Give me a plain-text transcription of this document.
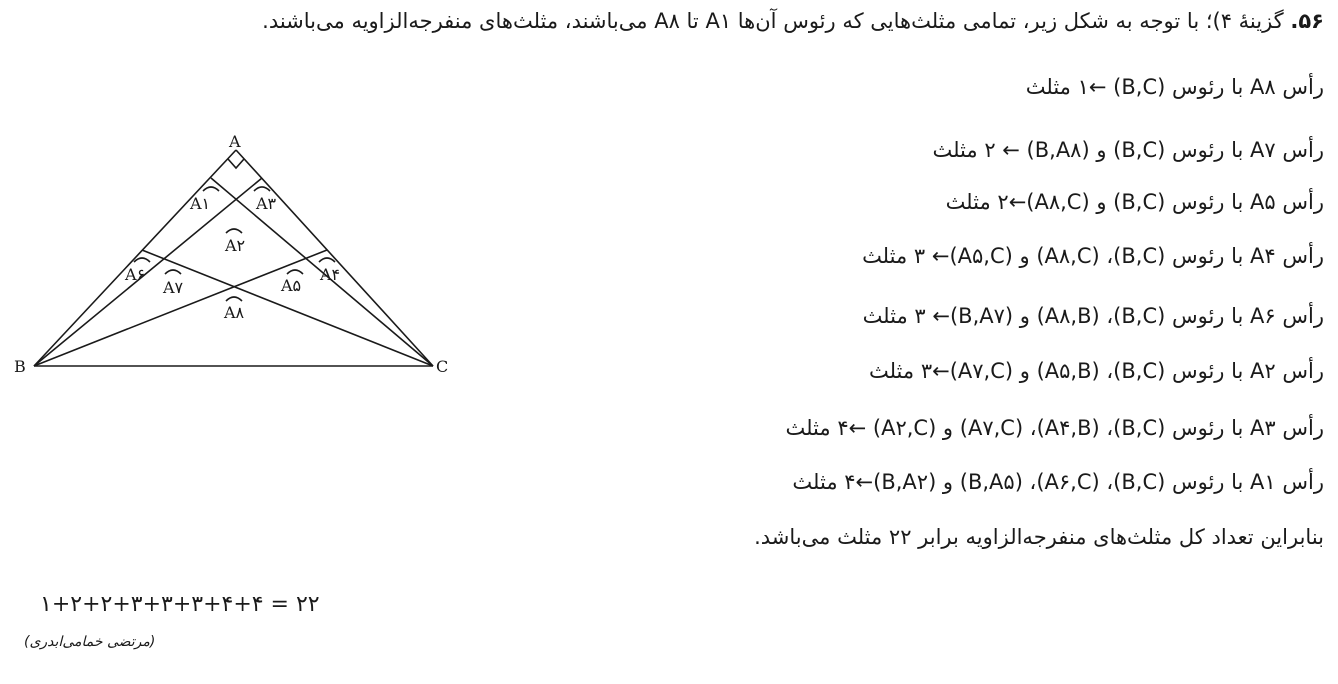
۵۶. گزینهٔ ۴)؛ با توجه به شکل زیر، تمامی مثلث‌هایی که رئوس آن‌ها A۱ تا A۸ می‌باشند، مثلث‌های منفرجه‌الزاویه می‌باشند.
رأس A۸ با رئوس (B,C) ←۱ مثلث
رأس A۷ با رئوس (B,C) و (B,A۸) ← ۲ مثلث
رأس A۵ با رئوس (B,C) و (A۸,C)←۲ مثلث
رأس A۴ با رئوس (B,C)، (A۸,C) و (A۵,C)← ۳ مثلث
رأس A۶ با رئوس (B,C)، (A۸,B) و (B,A۷)← ۳ مثلث
رأس A۲ با رئوس (B,C)، (A۵,B) و (A۷,C)←۳ مثلث
رأس A۳ با رئوس (B,C)، (A۴,B)، (A۷,C) و (A۲,C) ←۴ مثلث
رأس A۱ با رئوس (B,C)، (A۶,C)، (B,A۵) و (B,A۲)←۴ مثلث
بنابراین تعداد کل مثلث‌های منفرجه‌الزاویه برابر ۲۲ مثلث می‌باشد.
A
B	C
A۱
A۲
A۳
A۴
A۵
A۶
A۷
A۸
۱+۲+۲+۳+۳+۳+۴+۴ = ۲۲
(مرتضی خمامی‌ابدری)
